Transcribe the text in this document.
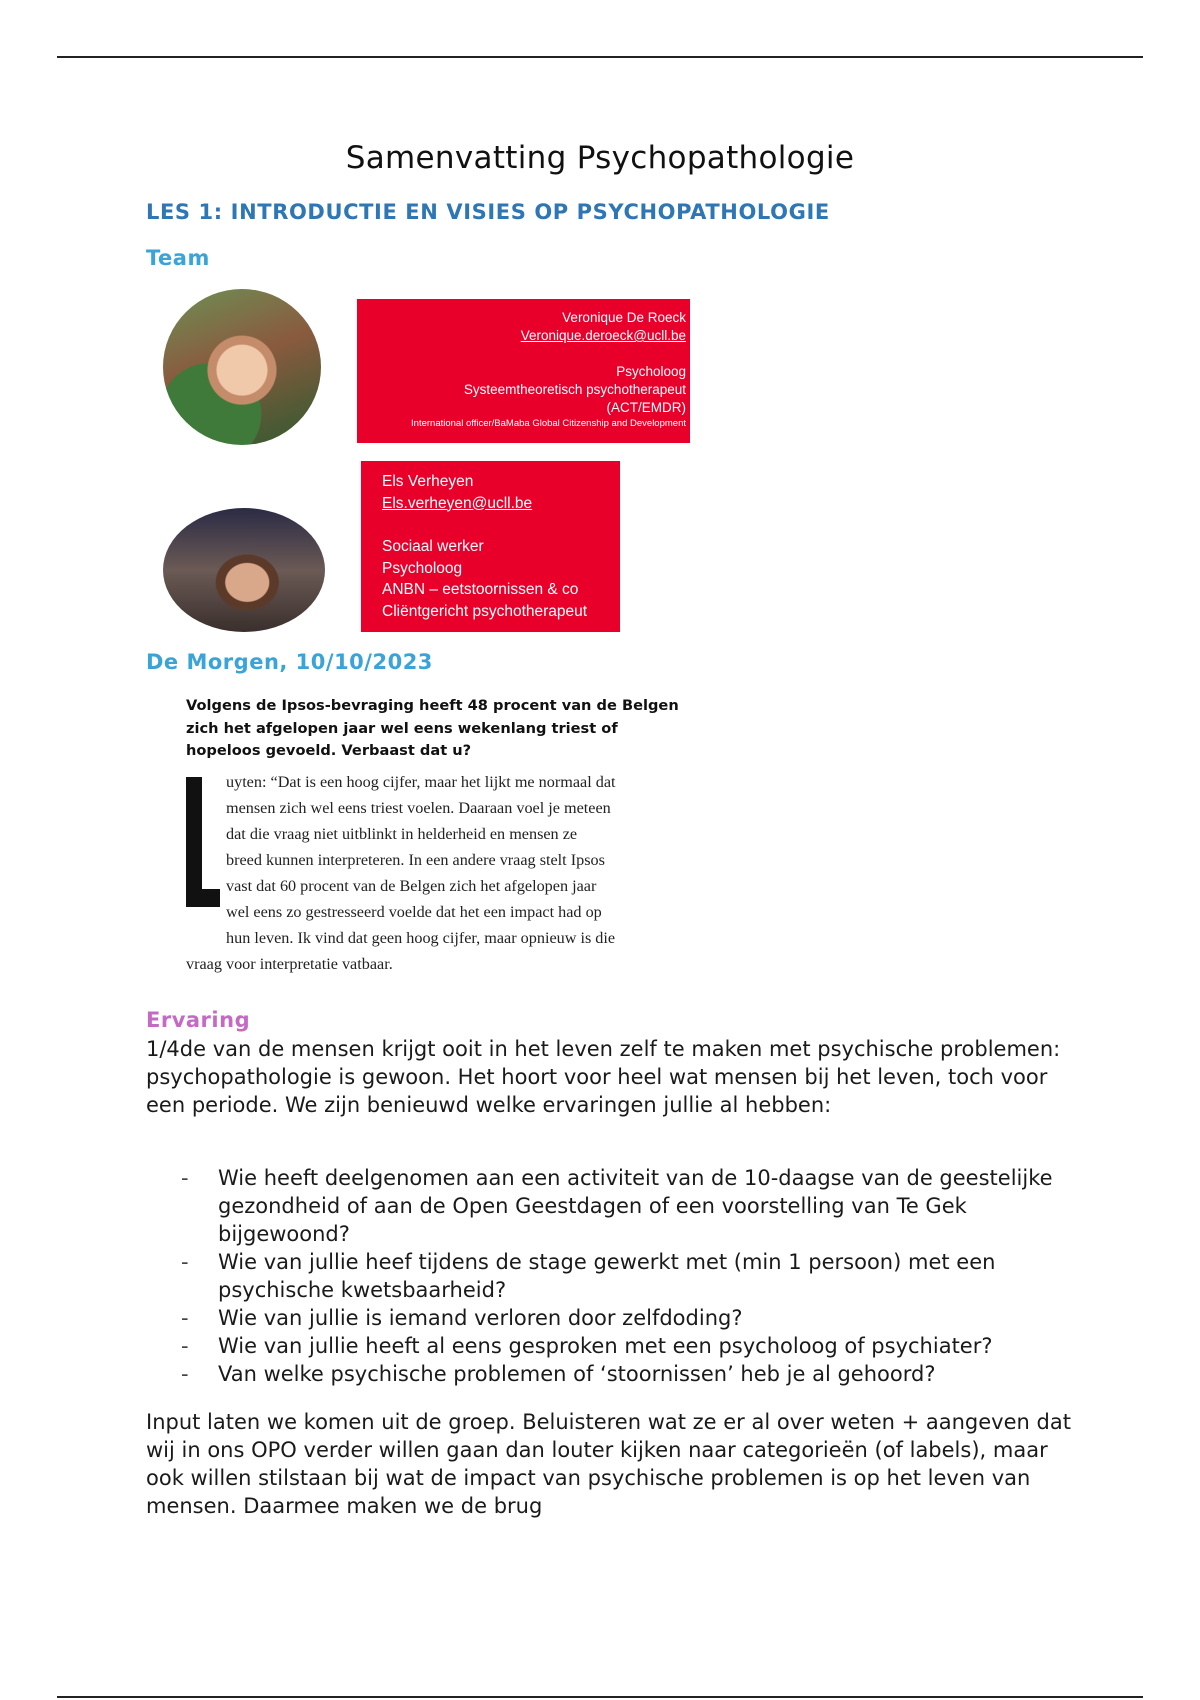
Samenvatting Psychopathologie
LES 1: INTRODUCTIE EN VISIES OP PSYCHOPATHOLOGIE
Team
Veronique De Roeck
Veronique.deroeck@ucll.be
Psycholoog
Systeemtheoretisch psychotherapeut
(ACT/EMDR)
International officer/BaMaba Global Citizenship and Development
Els Verheyen
Els.verheyen@ucll.be
Sociaal werker
Psycholoog
ANBN – eetstoornissen & co
Cliëntgericht psychotherapeut
De Morgen, 10/10/2023

Volgens de Ipsos-bevraging heeft 48 procent van de Belgen
zich het afgelopen jaar wel eens wekenlang triest of
hopeloos gevoeld. Verbaast dat u?

uyten: “Dat is een hoog cijfer, maar het lijkt me normaal dat
mensen zich wel eens triest voelen. Daaraan voel je meteen
dat die vraag niet uitblinkt in helderheid en mensen ze
breed kunnen interpreteren. In een andere vraag stelt Ipsos
vast dat 60 procent van de Belgen zich het afgelopen jaar
wel eens zo gestresseerd voelde dat het een impact had op
hun leven. Ik vind dat geen hoog cijfer, maar opnieuw is die
vraag voor interpretatie vatbaar.
Ervaring

1/4de van de mensen krijgt ooit in het leven zelf te maken met psychische problemen: psychopathologie is gewoon. Het hoort voor heel wat mensen bij het leven, toch voor een periode. We zijn benieuwd welke ervaringen jullie al hebben:

- Wie heeft deelgenomen aan een activiteit van de 10-daagse van de geestelijke gezondheid of aan de Open Geestdagen of een voorstelling van Te Gek bijgewoond?
- Wie van jullie heef tijdens de stage gewerkt met (min 1 persoon) met een psychische kwetsbaarheid?
- Wie van jullie is iemand verloren door zelfdoding?
- Wie van jullie heeft al eens gesproken met een psycholoog of psychiater?
- Van welke psychische problemen of ‘stoornissen’ heb je al gehoord?

Input laten we komen uit de groep. Beluisteren wat ze er al over weten + aangeven dat wij in ons OPO verder willen gaan dan louter kijken naar categorieën (of labels), maar ook willen stilstaan bij wat de impact van psychische problemen is op het leven van mensen. Daarmee maken we de brug
